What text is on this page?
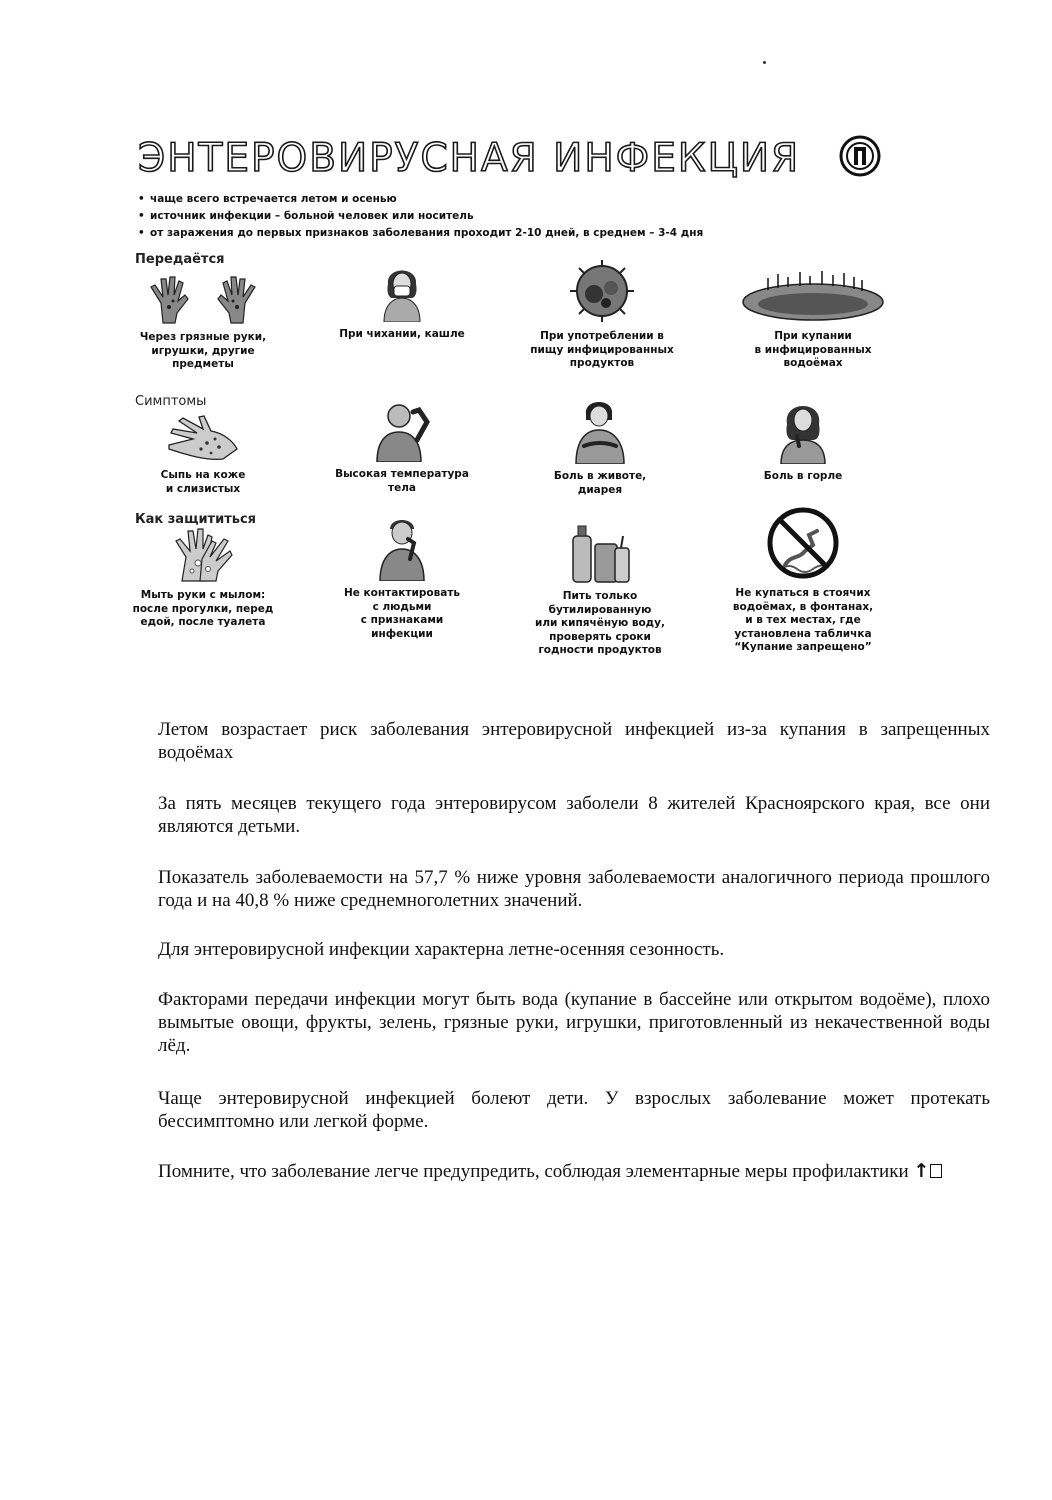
ЭНТЕРОВИРУСНАЯ ИНФЕКЦИЯ
• чаще всего встречается летом и осенью
• источник инфекции – больной человек или носитель
• от заражения до первых признаков заболевания проходит 2-10 дней, в среднем – 3-4 дня
Передаётся
Через грязные руки,
игрушки, другие
предметы
При чихании, кашле	При употреблении в
пищу инфицированных
продуктов
При купании
в инфицированных
водоёмах
Симптомы
Сыпь на коже
и слизистых
Высокая температура
тела
Боль в животе,
диарея
Боль в горле
Как защититься
Мыть руки с мылом:
после прогулки, перед
едой, после туалета
Не контактировать
с людьми
с признаками
инфекции
Пить только
бутилированную
или кипячёную воду,
проверять сроки
годности продуктов
Не купаться в стоячих
водоёмах, в фонтанах,
и в тех местах, где
установлена табличка
“Купание запрещено”

Летом возрастает риск заболевания энтеровирусной инфекцией из-за купания в запрещенных водоёмах

За пять месяцев текущего года энтеровирусом заболели 8 жителей Красноярского края, все они являются детьми.

Показатель заболеваемости на 57,7 % ниже уровня заболеваемости аналогичного периода прошлого года и на 40,8 % ниже среднемноголетних значений.

Для энтеровирусной инфекции характерна летне-осенняя сезонность.

Факторами передачи инфекции могут быть вода (купание в бассейне или открытом водоёме), плохо вымытые овощи, фрукты, зелень, грязные руки, игрушки, приготовленный из некачественной воды лёд.

Чаще энтеровирусной инфекцией болеют дети. У взрослых заболевание может протекать бессимптомно или легкой форме.

Помните, что заболевание легче предупредить, соблюдая элементарные меры профилактики ↑
